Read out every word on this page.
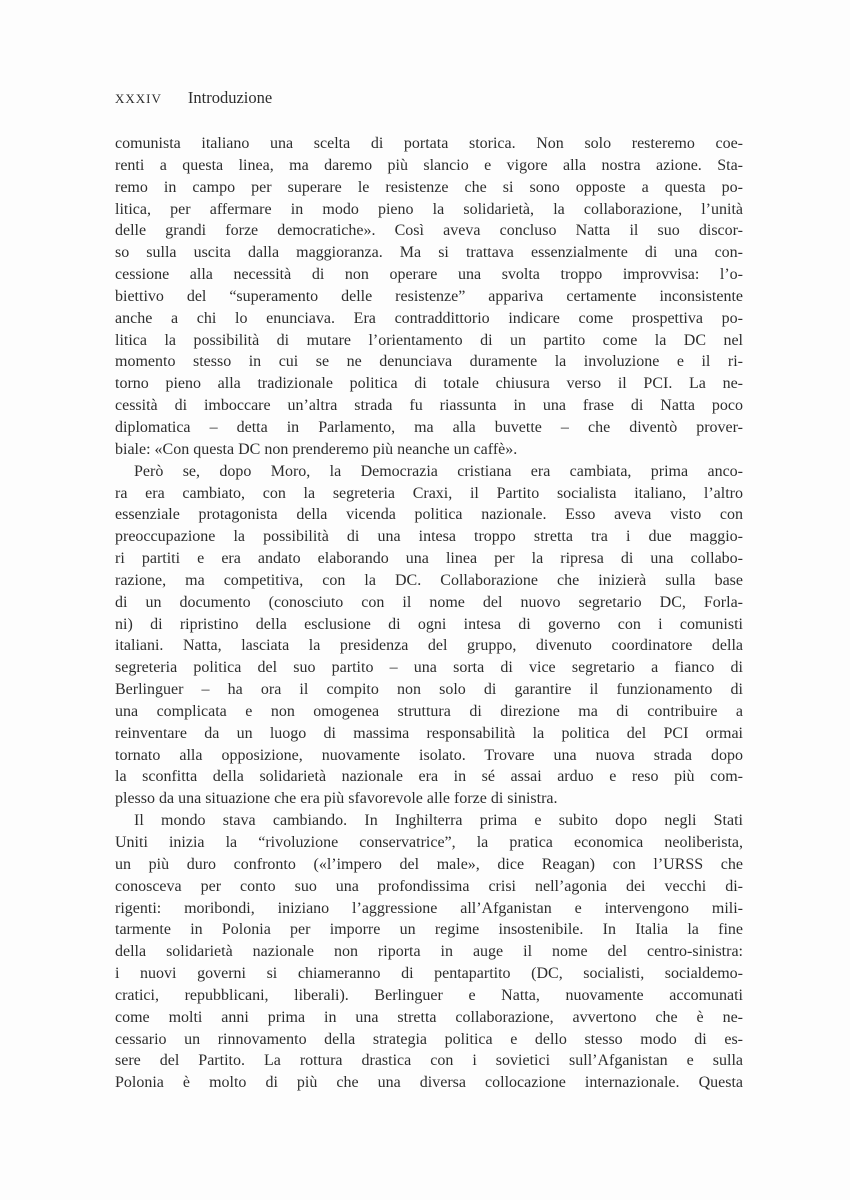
XXXIV Introduzione
comunista italiano una scelta di portata storica. Non solo resteremo coe-
renti a questa linea, ma daremo più slancio e vigore alla nostra azione. Sta-
remo in campo per superare le resistenze che si sono opposte a questa po-
litica, per affermare in modo pieno la solidarietà, la collaborazione, l’unità
delle grandi forze democratiche». Così aveva concluso Natta il suo discor-
so sulla uscita dalla maggioranza. Ma si trattava essenzialmente di una con-
cessione alla necessità di non operare una svolta troppo improvvisa: l’o-
biettivo del “superamento delle resistenze” appariva certamente inconsistente
anche a chi lo enunciava. Era contraddittorio indicare come prospettiva po-
litica la possibilità di mutare l’orientamento di un partito come la DC nel
momento stesso in cui se ne denunciava duramente la involuzione e il ri-
torno pieno alla tradizionale politica di totale chiusura verso il PCI. La ne-
cessità di imboccare un’altra strada fu riassunta in una frase di Natta poco
diplomatica – detta in Parlamento, ma alla buvette – che diventò prover-
biale: «Con questa DC non prenderemo più neanche un caffè».
Però se, dopo Moro, la Democrazia cristiana era cambiata, prima anco-
ra era cambiato, con la segreteria Craxi, il Partito socialista italiano, l’altro
essenziale protagonista della vicenda politica nazionale. Esso aveva visto con
preoccupazione la possibilità di una intesa troppo stretta tra i due maggio-
ri partiti e era andato elaborando una linea per la ripresa di una collabo-
razione, ma competitiva, con la DC. Collaborazione che inizierà sulla base
di un documento (conosciuto con il nome del nuovo segretario DC, Forla-
ni) di ripristino della esclusione di ogni intesa di governo con i comunisti
italiani. Natta, lasciata la presidenza del gruppo, divenuto coordinatore della
segreteria politica del suo partito – una sorta di vice segretario a fianco di
Berlinguer – ha ora il compito non solo di garantire il funzionamento di
una complicata e non omogenea struttura di direzione ma di contribuire a
reinventare da un luogo di massima responsabilità la politica del PCI ormai
tornato alla opposizione, nuovamente isolato. Trovare una nuova strada dopo
la sconfitta della solidarietà nazionale era in sé assai arduo e reso più com-
plesso da una situazione che era più sfavorevole alle forze di sinistra.
Il mondo stava cambiando. In Inghilterra prima e subito dopo negli Stati
Uniti inizia la “rivoluzione conservatrice”, la pratica economica neoliberista,
un più duro confronto («l’impero del male», dice Reagan) con l’URSS che
conosceva per conto suo una profondissima crisi nell’agonia dei vecchi di-
rigenti: moribondi, iniziano l’aggressione all’Afganistan e intervengono mili-
tarmente in Polonia per imporre un regime insostenibile. In Italia la fine
della solidarietà nazionale non riporta in auge il nome del centro-sinistra:
i nuovi governi si chiameranno di pentapartito (DC, socialisti, socialdemo-
cratici, repubblicani, liberali). Berlinguer e Natta, nuovamente accomunati
come molti anni prima in una stretta collaborazione, avvertono che è ne-
cessario un rinnovamento della strategia politica e dello stesso modo di es-
sere del Partito. La rottura drastica con i sovietici sull’Afganistan e sulla
Polonia è molto di più che una diversa collocazione internazionale. Questa
